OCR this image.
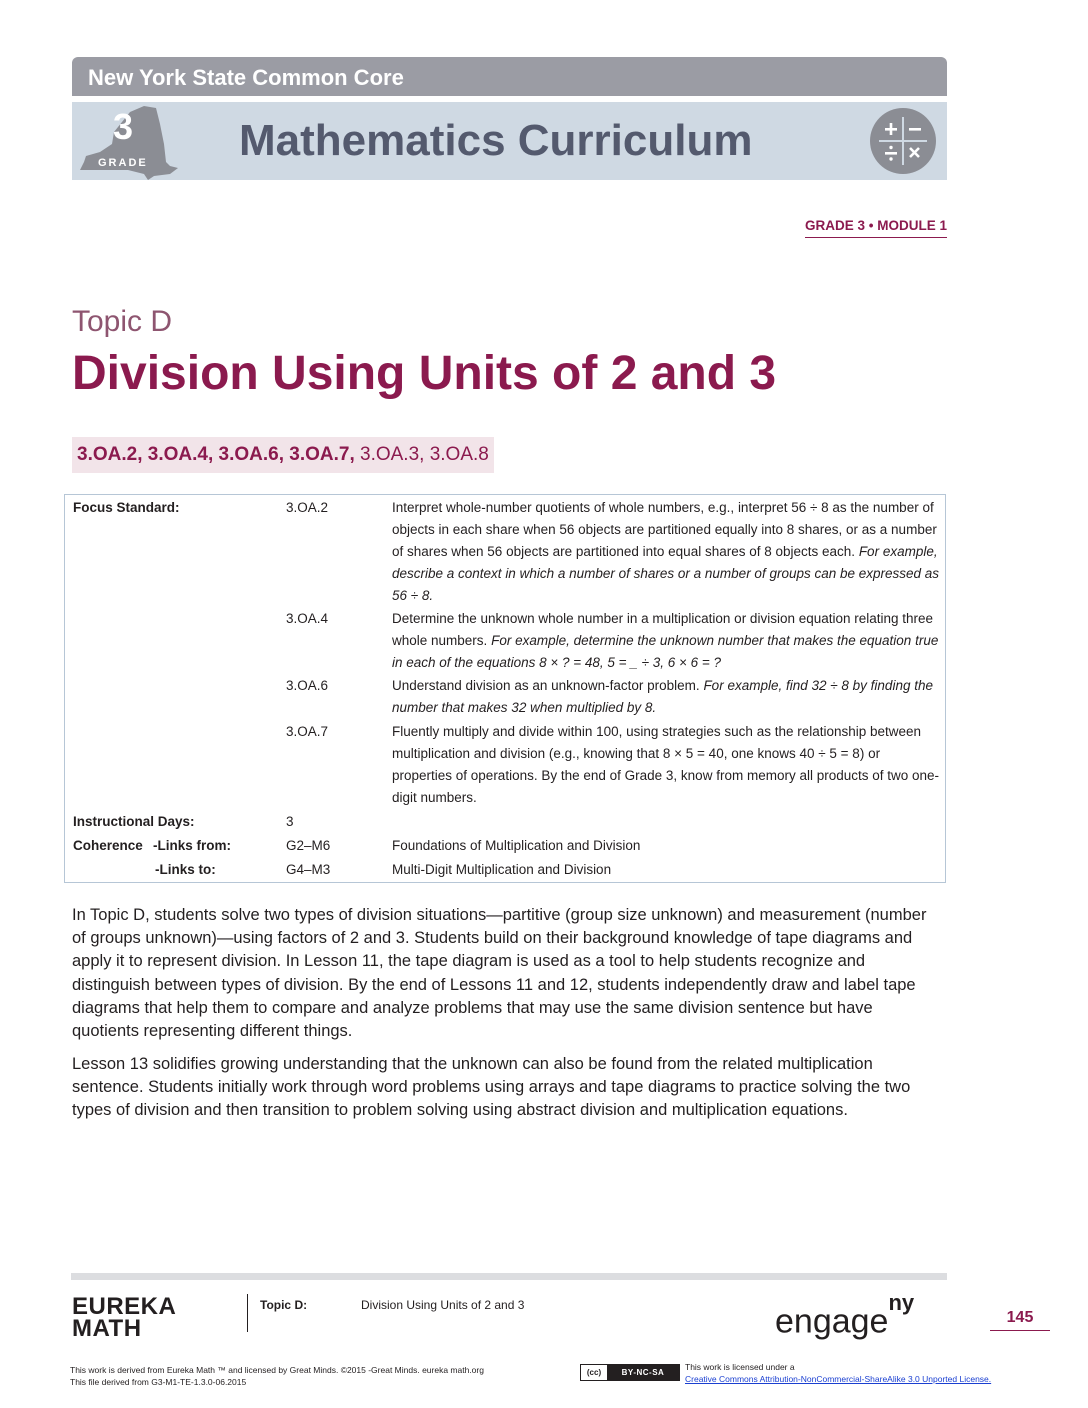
New York State Common Core
3
GRADE Mathematics Curriculum
GRADE 3 • MODULE 1
Topic D
Division Using Units of 2 and 3
3.OA.2, 3.OA.4, 3.OA.6, 3.OA.7, 3.OA.3, 3.OA.8
Focus Standard:	3.OA.2	Interpret whole-number quotients of whole numbers, e.g., interpret 56 ÷ 8 as the number of objects in each share when 56 objects are partitioned equally into 8 shares, or as a number of shares when 56 objects are partitioned into equal shares of 8 objects each. For example, describe a context in which a number of shares or a number of groups can be expressed as 56 ÷ 8.
3.OA.4	Determine the unknown whole number in a multiplication or division equation relating three whole numbers. For example, determine the unknown number that makes the equation true in each of the equations 8 × ? = 48, 5 = _ ÷ 3, 6 × 6 = ?
3.OA.6	Understand division as an unknown-factor problem. For example, find 32 ÷ 8 by finding the number that makes 32 when multiplied by 8.
3.OA.7	Fluently multiply and divide within 100, using strategies such as the relationship between multiplication and division (e.g., knowing that 8 × 5 = 40, one knows 40 ÷ 5 = 8) or properties of operations. By the end of Grade 3, know from memory all products of two one-digit numbers.
Instructional Days:	3
Coherence -Links from:	G2–M6	Foundations of Multiplication and Division
-Links to:	G4–M3	Multi-Digit Multiplication and Division

In Topic D, students solve two types of division situations—partitive (group size unknown) and measurement (number of groups unknown)—using factors of 2 and 3. Students build on their background knowledge of tape diagrams and apply it to represent division. In Lesson 11, the tape diagram is used as a tool to help students recognize and distinguish between types of division. By the end of Lessons 11 and 12, students independently draw and label tape diagrams that help them to compare and analyze problems that may use the same division sentence but have quotients representing different things.

Lesson 13 solidifies growing understanding that the unknown can also be found from the related multiplication sentence. Students initially work through word problems using arrays and tape diagrams to practice solving the two types of division and then transition to problem solving using abstract division and multiplication equations.

EUREKA
MATH
Topic D:	Division Using Units of 2 and 3	engage$^{ny}$
145
This work is derived from Eureka Math ™ and licensed by Great Minds. ©2015 -Great Minds. eureka math.org
This file derived from G3-M1-TE-1.3.0-06.2015
(cc)	BY-NC-SA
This work is licensed under a
Creative Commons Attribution-NonCommercial-ShareAlike 3.0 Unported License.
